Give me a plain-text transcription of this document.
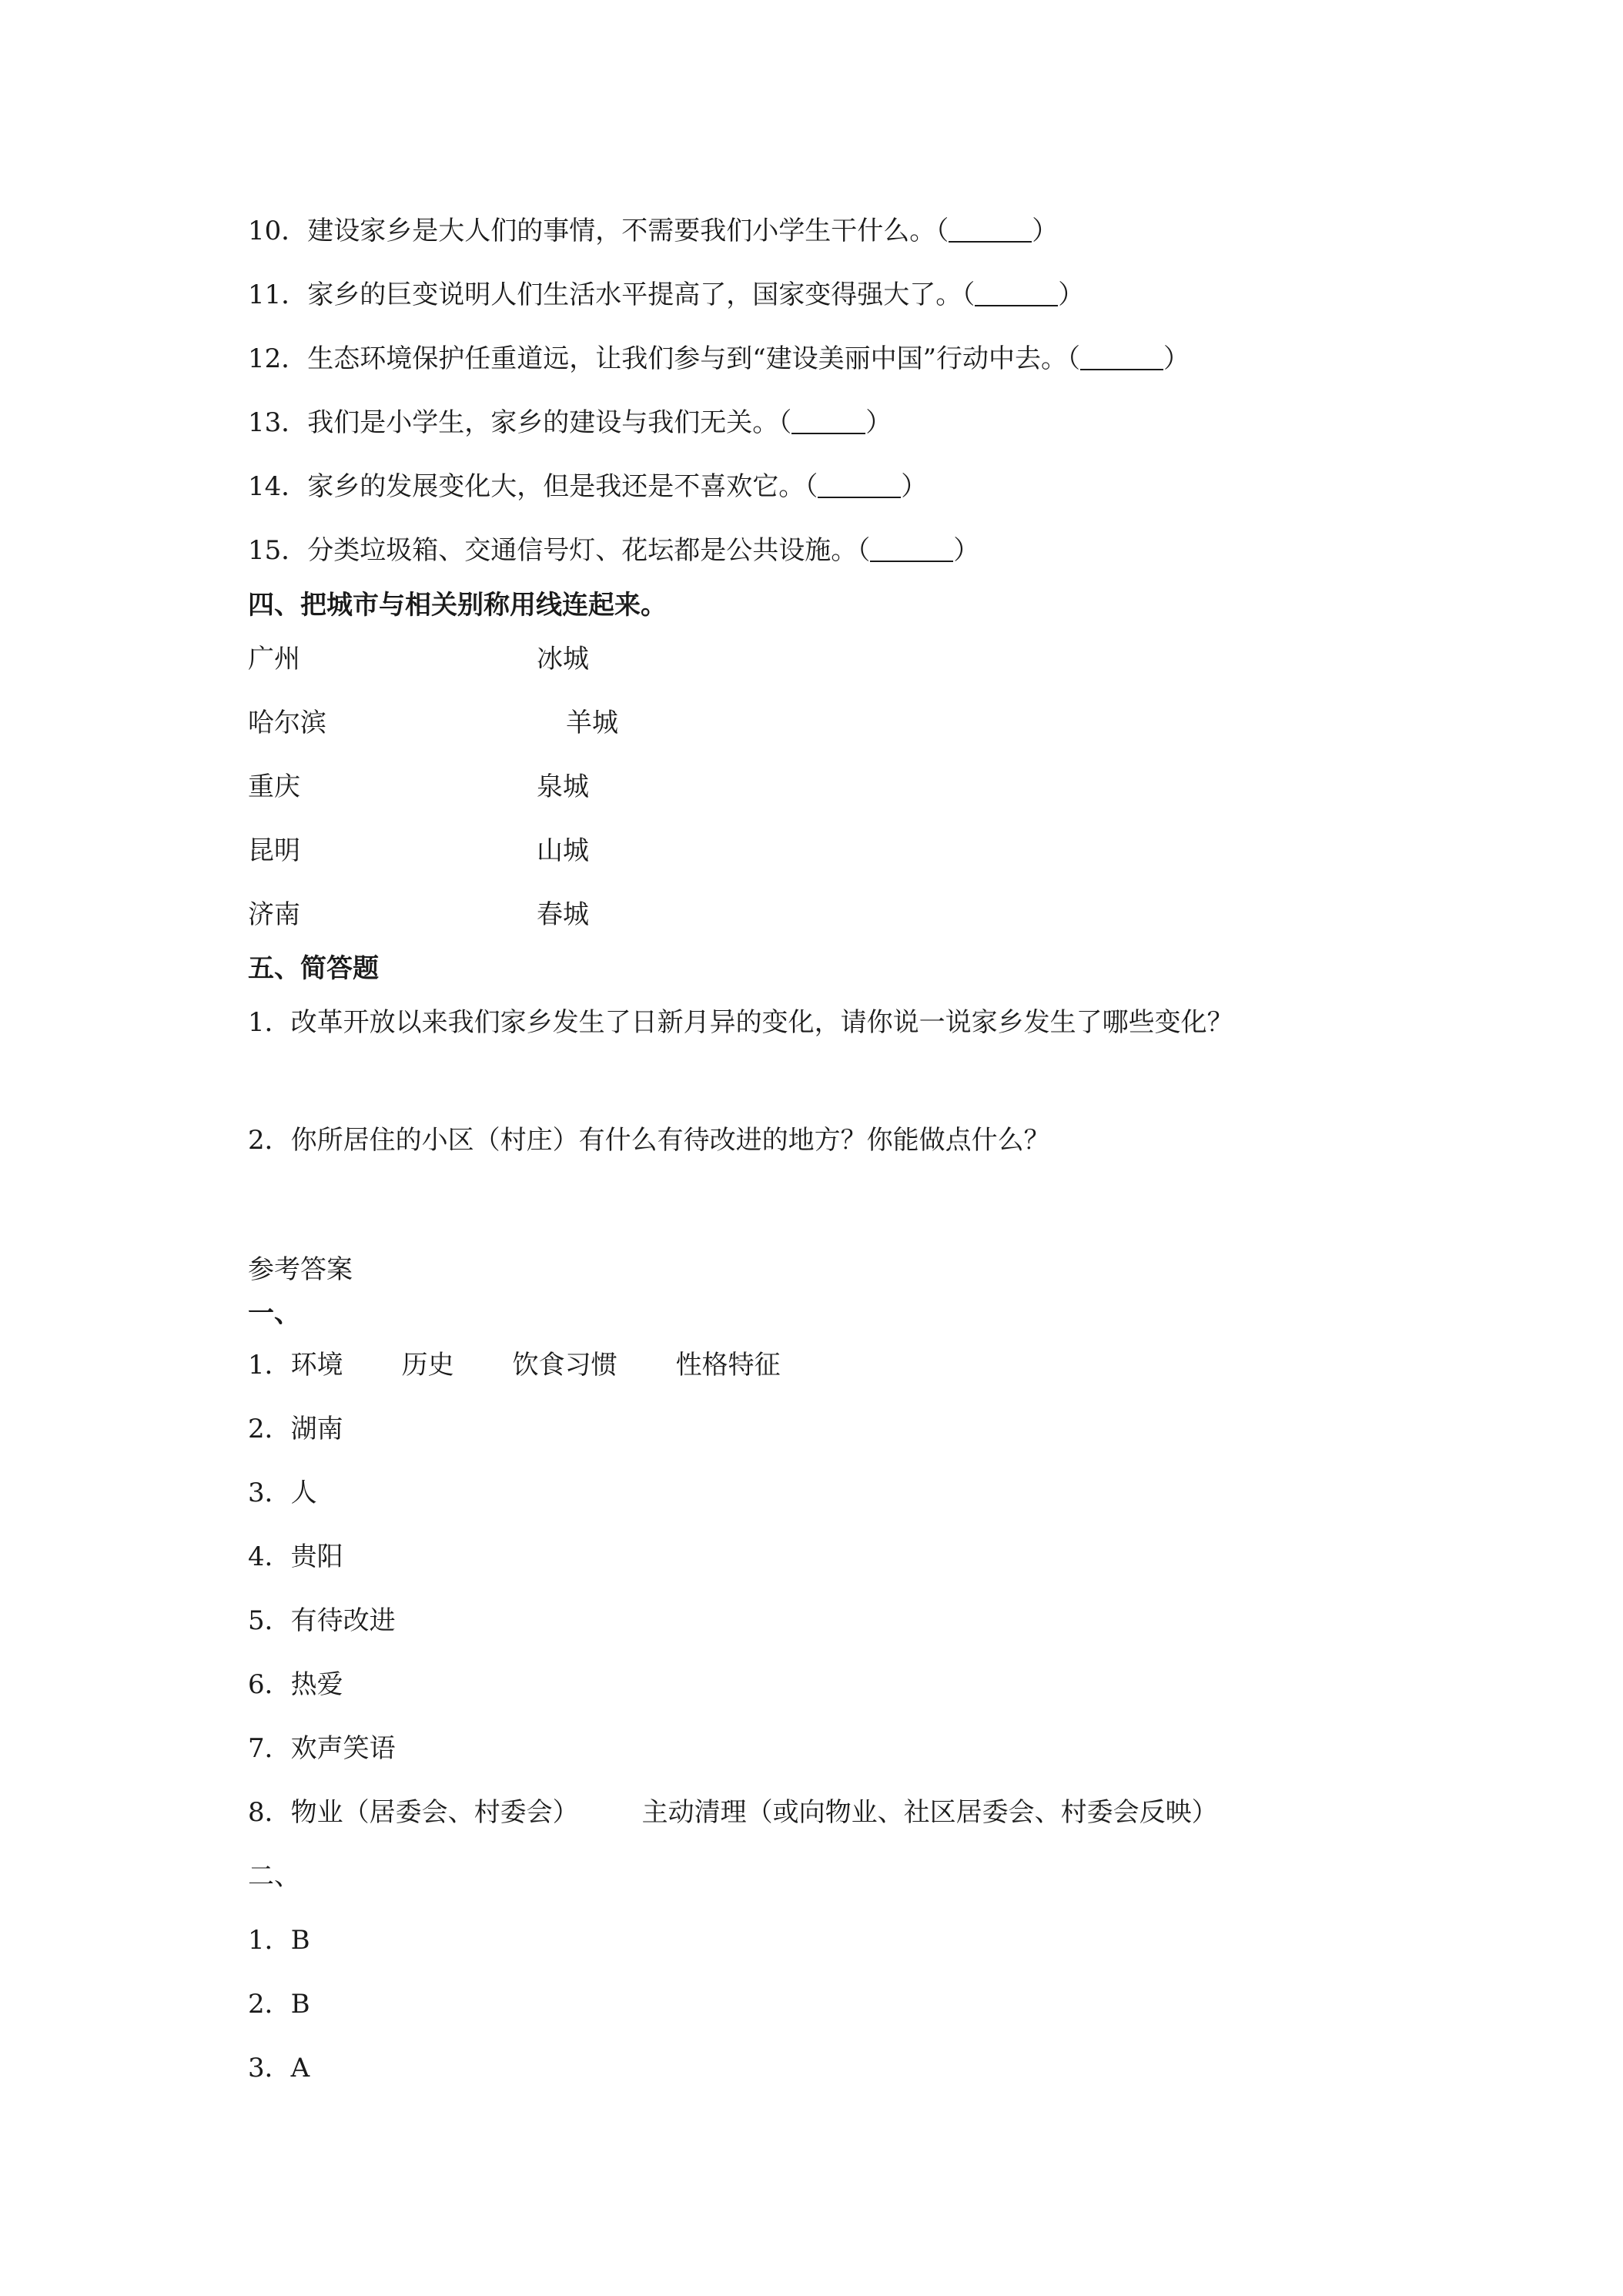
10．建设家乡是大人们的事情，不需要我们小学生干什么。（	）
11．家乡的巨变说明人们生活水平提高了，国家变得强大了。（	）
12．生态环境保护任重道远，让我们参与到“建设美丽中国”行动中去。（	）
13．我们是小学生，家乡的建设与我们无关。（	）
14．家乡的发展变化大，但是我还是不喜欢它。（	）
15．分类垃圾箱、交通信号灯、花坛都是公共设施。（	）
四、把城市与相关别称用线连起来。
广州	冰城
哈尔滨	羊城
重庆	泉城
昆明	山城
济南	春城
五、简答题
1．改革开放以来我们家乡发生了日新月异的变化，请你说一说家乡发生了哪些变化？
2．你所居住的小区（村庄）有什么有待改进的地方？你能做点什么？
参考答案
一、
1．环境 历史 饮食习惯 性格特征
2．湖南
3．人
4．贵阳
5．有待改进
6．热爱
7．欢声笑语
8．物业（居委会、村委会） 主动清理（或向物业、社区居委会、村委会反映）
二、
1．B
2．B
3．A
